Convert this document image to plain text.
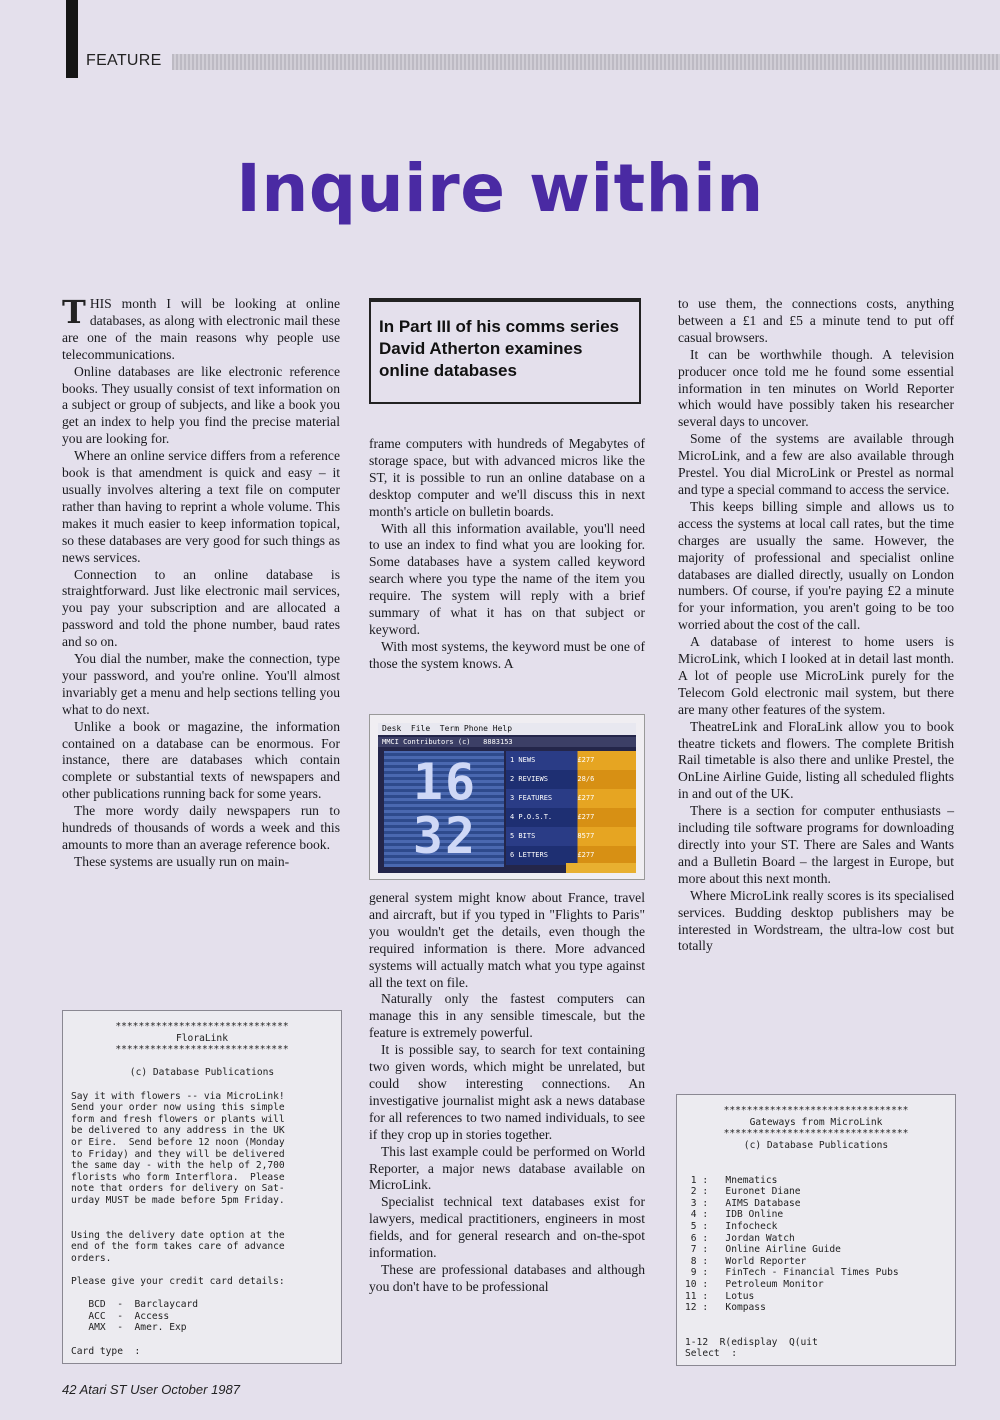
FEATURE
Inquire within

THIS month I will be looking at online databases, as along with electronic mail these are one of the main reasons why people use telecommunications.

Online databases are like electronic reference books. They usually consist of text information on a subject or group of subjects, and like a book you get an index to help you find the precise material you are looking for.

Where an online service differs from a reference book is that amendment is quick and easy – it usually involves altering a text file on computer rather than having to reprint a whole volume. This makes it much easier to keep information topical, so these databases are very good for such things as news services.

Connection to an online database is straightforward. Just like electronic mail services, you pay your subscription and are allocated a password and told the phone number, baud rates and so on.

You dial the number, make the connection, type your password, and you're online. You'll almost invariably get a menu and help sections telling you what to do next.

Unlike a book or magazine, the information contained on a database can be enormous. For instance, there are databases which contain complete or substantial texts of newspapers and other publications running back for some years.

The more wordy daily newspapers run to hundreds of thousands of words a week and this amounts to more than an average reference book.

These systems are usually run on main-

In Part III of his comms series David Atherton examines online databases

frame computers with hundreds of Megabytes of storage space, but with advanced micros like the ST, it is possible to run an online database on a desktop computer and we'll discuss this in next month's article on bulletin boards.

With all this information available, you'll need to use an index to find what you are looking for. Some databases have a system called keyword search where you type the name of the item you require. The system will reply with a brief summary of what it has on that subject or keyword.

With most systems, the keyword must be one of those the system knows. A

Desk  File  Term Phone Help
MMCI Contributors (c)   8883153
16
32
1 NEWS          £277
2 REVIEWS       28/6
3 FEATURES      £277
4 P.O.S.T.      £277
5 BITS          8577
6 LETTERS       £277

general system might know about France, travel and aircraft, but if you typed in "Flights to Paris" you wouldn't get the details, even though the required information is there. More advanced systems will actually match what you type against all the text on file.

Naturally only the fastest computers can manage this in any sensible timescale, but the feature is extremely powerful.

It is possible say, to search for text containing two given words, which might be unrelated, but could show interesting connections. An investigative journalist might ask a news database for all references to two named individuals, to see if they crop up in stories together.

This last example could be performed on World Reporter, a major news database available on MicroLink.

Specialist technical text databases exist for lawyers, medical practitioners, engineers in most fields, and for general research and on-the-spot information.

These are professional databases and although you don't have to be professional

to use them, the connections costs, anything between a £1 and £5 a minute tend to put off casual browsers.

It can be worthwhile though. A television producer once told me he found some essential information in ten minutes on World Reporter which would have possibly taken his researcher several days to uncover.

Some of the systems are available through MicroLink, and a few are also available through Prestel. You dial MicroLink or Prestel as normal and type a special command to access the service.

This keeps billing simple and allows us to access the systems at local call rates, but the time charges are usually the same. However, the majority of professional and specialist online databases are dialled directly, usually on London numbers. Of course, if you're paying £2 a minute for your information, you aren't going to be too worried about the cost of the call.

A database of interest to home users is MicroLink, which I looked at in detail last month. A lot of people use MicroLink purely for the Telecom Gold electronic mail system, but there are many other features of the system.

TheatreLink and FloraLink allow you to book theatre tickets and flowers. The complete British Rail timetable is also there and unlike Prestel, the OnLine Airline Guide, listing all scheduled flights in and out of the UK.

There is a section for computer enthusiasts – including tile software programs for downloading directly into your ST. There are Sales and Wants and a Bulletin Board – the largest in Europe, but more about this next month.

Where MicroLink really scores is its specialised services. Budding desktop publishers may be interested in Wordstream, the ultra-low cost but totally

******************************
FloraLink
******************************

(c) Database Publications

Say it with flowers -- via MicroLink!
Send your order now using this simple
form and fresh flowers or plants will
be delivered to any address in the UK
or Eire.  Send before 12 noon (Monday
to Friday) and they will be delivered
the same day - with the help of 2,700
florists who form Interflora.  Please
note that orders for delivery on Sat-
urday MUST be made before 5pm Friday.

Using the delivery date option at the
end of the form takes care of advance
orders.

Please give your credit card details:

BCD  -  Barclaycard
ACC  -  Access
AMX  -  Amer. Exp

Card type  :
********************************
Gateways from MicroLink
********************************
(c) Database Publications

1 :   Mnematics
2 :   Euronet Diane
3 :   AIMS Database
4 :   IDB Online
5 :   Infocheck
6 :   Jordan Watch
7 :   Online Airline Guide
8 :   World Reporter
9 :   FinTech - Financial Times Pubs
10 :   Petroleum Monitor
11 :   Lotus
12 :   Kompass

1-12  R(edisplay  Q(uit
Select  :
42 Atari ST User October 1987
